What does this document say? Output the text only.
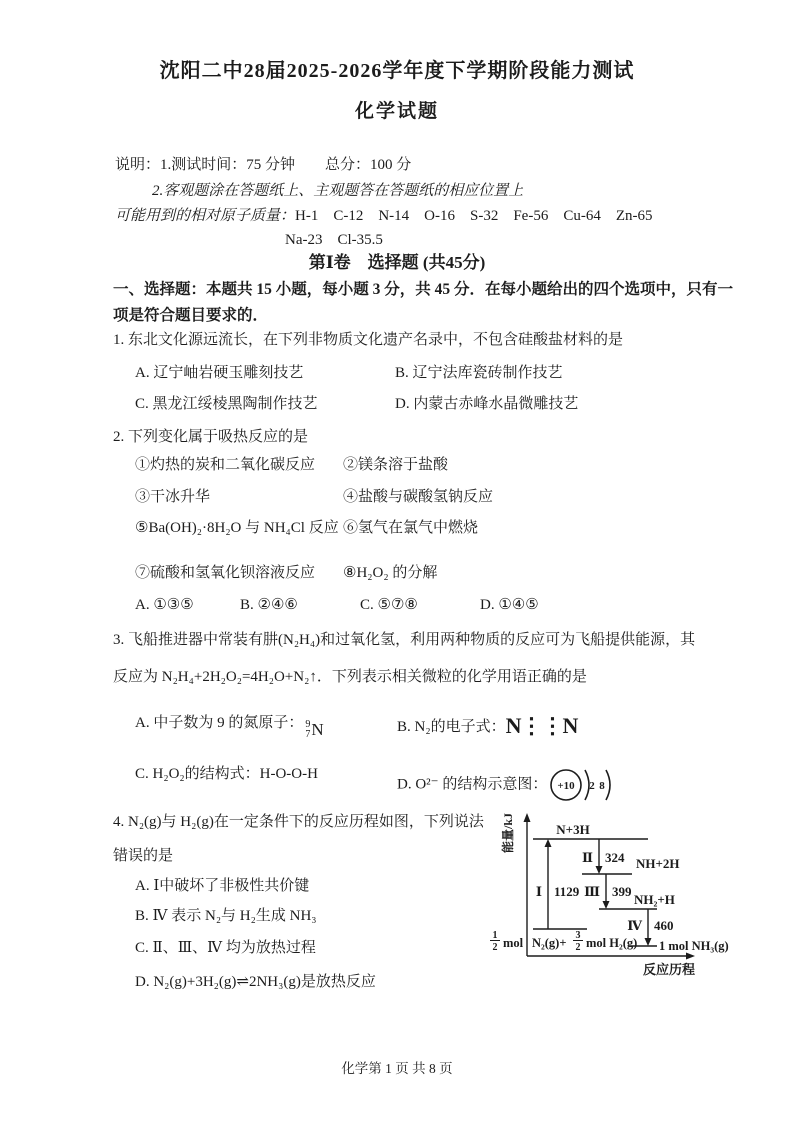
沈阳二中28届2025-2026学年度下学期阶段能力测试
化学试题
说明：1.测试时间：75 分钟　　总分：100 分
2.客观题涂在答题纸上、主观题答在答题纸的相应位置上
可能用到的相对原子质量：H-1　C-12　N-14　O-16　S-32　Fe-56　Cu-64　Zn-65
Na-23　Cl-35.5
第Ⅰ卷　选择题 (共45分)
一、选择题：本题共 15 小题，每小题 3 分，共 45 分．在每小题给出的四个选项中，只有一
项是符合题目要求的．
1. 东北文化源远流长，在下列非物质文化遗产名录中，不包含硅酸盐材料的是
A. 辽宁岫岩硬玉雕刻技艺	B. 辽宁法库瓷砖制作技艺
C. 黑龙江绥棱黑陶制作技艺	D. 内蒙古赤峰水晶微雕技艺
2. 下列变化属于吸热反应的是
①灼热的炭和二氧化碳反应 ②镁条溶于盐酸
③干冰升华	④盐酸与碳酸氢钠反应
⑤Ba(OH)₂·8H₂O 与 NH₄Cl 反应 ⑥氢气在氯气中燃烧
⑦硫酸和氢氧化钡溶液反应 ⑧H₂O₂ 的分解
A. ①③⑤	B. ②④⑥	C. ⑤⑦⑧	D. ①④⑤
3. 飞船推进器中常装有肼(N₂H₄)和过氧化氢，利用两种物质的反应可为飞船提供能源，其
反应为 N₂H₄+2H₂O₂=4H₂O+N₂↑．下列表示相关微粒的化学用语正确的是
A. 中子数为 9 的氮原子： 9
7 N	B. N₂的电子式：N⋮⋮N
C. H₂O₂的结构式：H-O-O-H
D. O²⁻ 的结构示意图： +10 2 8
4. N₂(g)与 H₂(g)在一定条件下的反应历程如图，下列说法
错误的是
A. Ⅰ中破坏了非极性共价键
B. Ⅳ 表示 N₂与 H₂生成 NH₃
C. Ⅱ、Ⅲ、Ⅳ 均为放热过程
D. N₂(g)+3H₂(g)⇌2NH₃(g)是放热反应
能量/kJ
反应历程
N+3H
NH+2H
NH₂+H
1 mol NH₃(g)
Ⅰ 1129
Ⅱ 324
Ⅲ 399
Ⅳ 460
1
2 mol N₂(g)+
3
2 mol H₂(g)
化学第 1 页 共 8 页
